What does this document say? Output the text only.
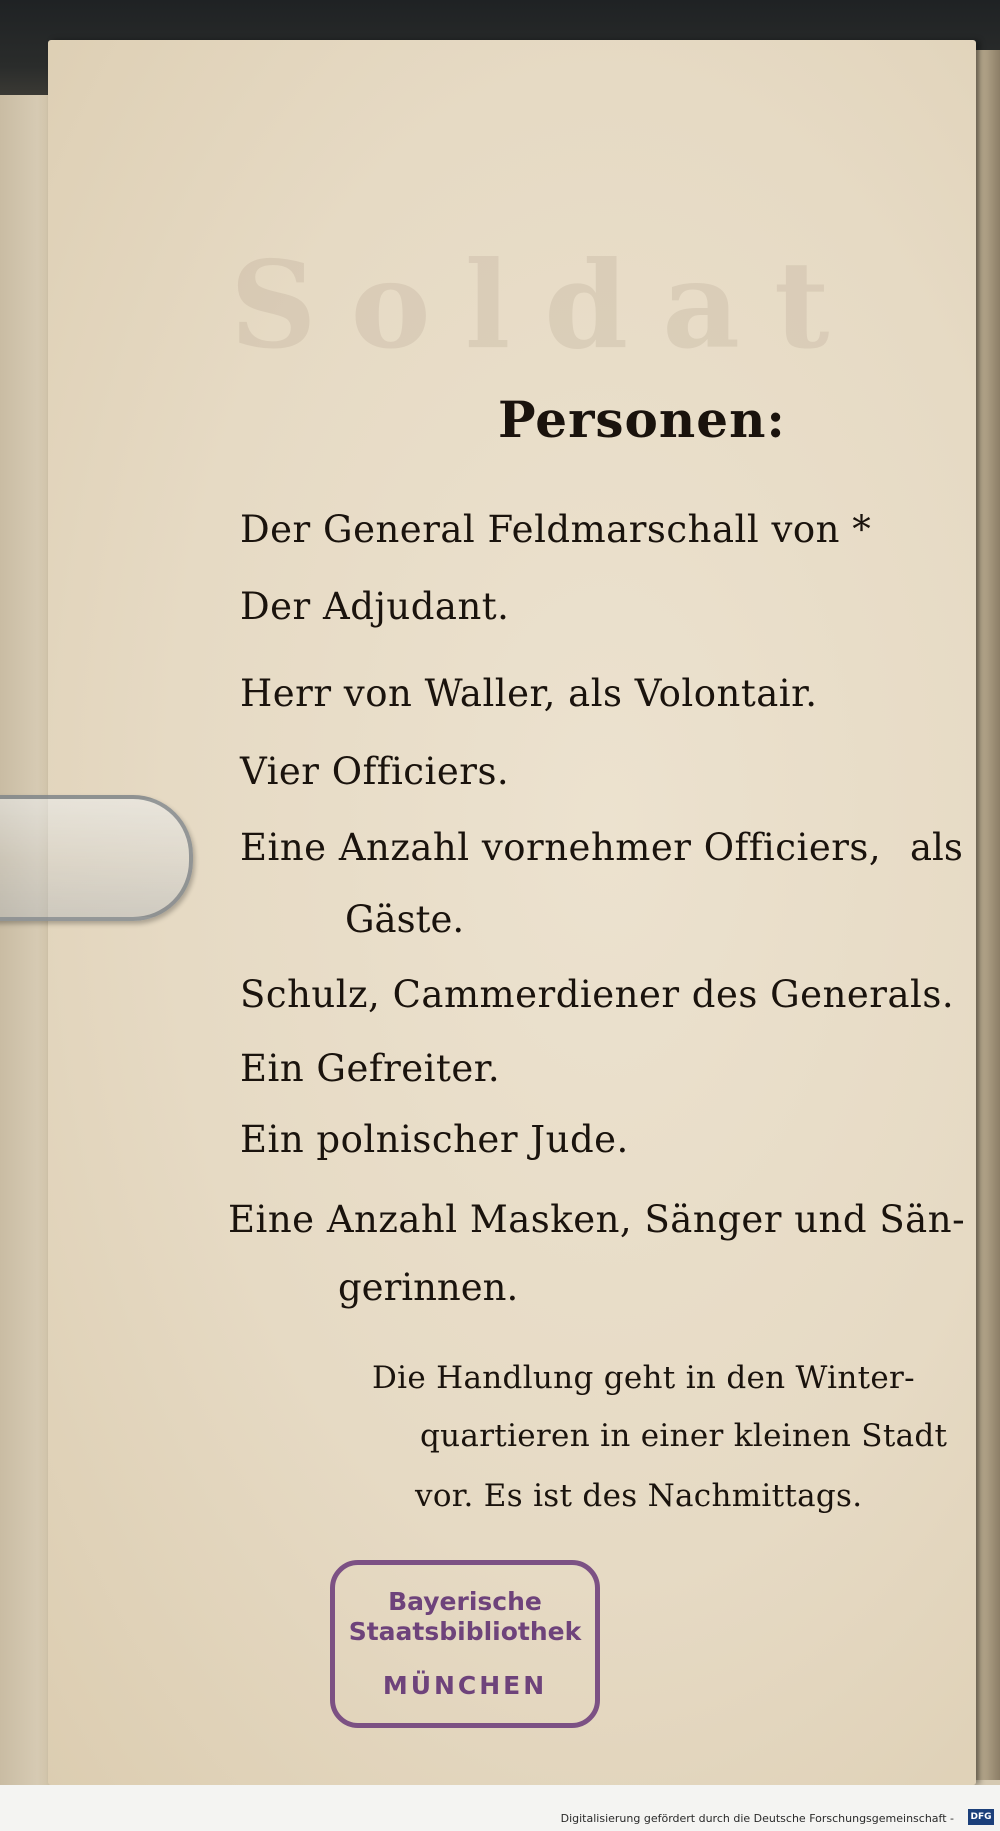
Soldat
Personen:
Der General Feldmarschall von *
Der Adjudant.
Herr von Waller, als Volontair.
Vier Officiers.
Eine Anzahl vornehmer Officiers, als
Gäste.
Schulz, Cammerdiener des Generals.
Ein Gefreiter.
Ein polnischer Jude.
Eine Anzahl Masken, Sänger und Sän-
gerinnen.
Die Handlung geht in den Winter-
quartieren in einer kleinen Stadt
vor. Es ist des Nachmittags.
Bayerische
Staatsbibliothek
MÜNCHEN
Digitalisierung gefördert durch die Deutsche Forschungsgemeinschaft - DFG
